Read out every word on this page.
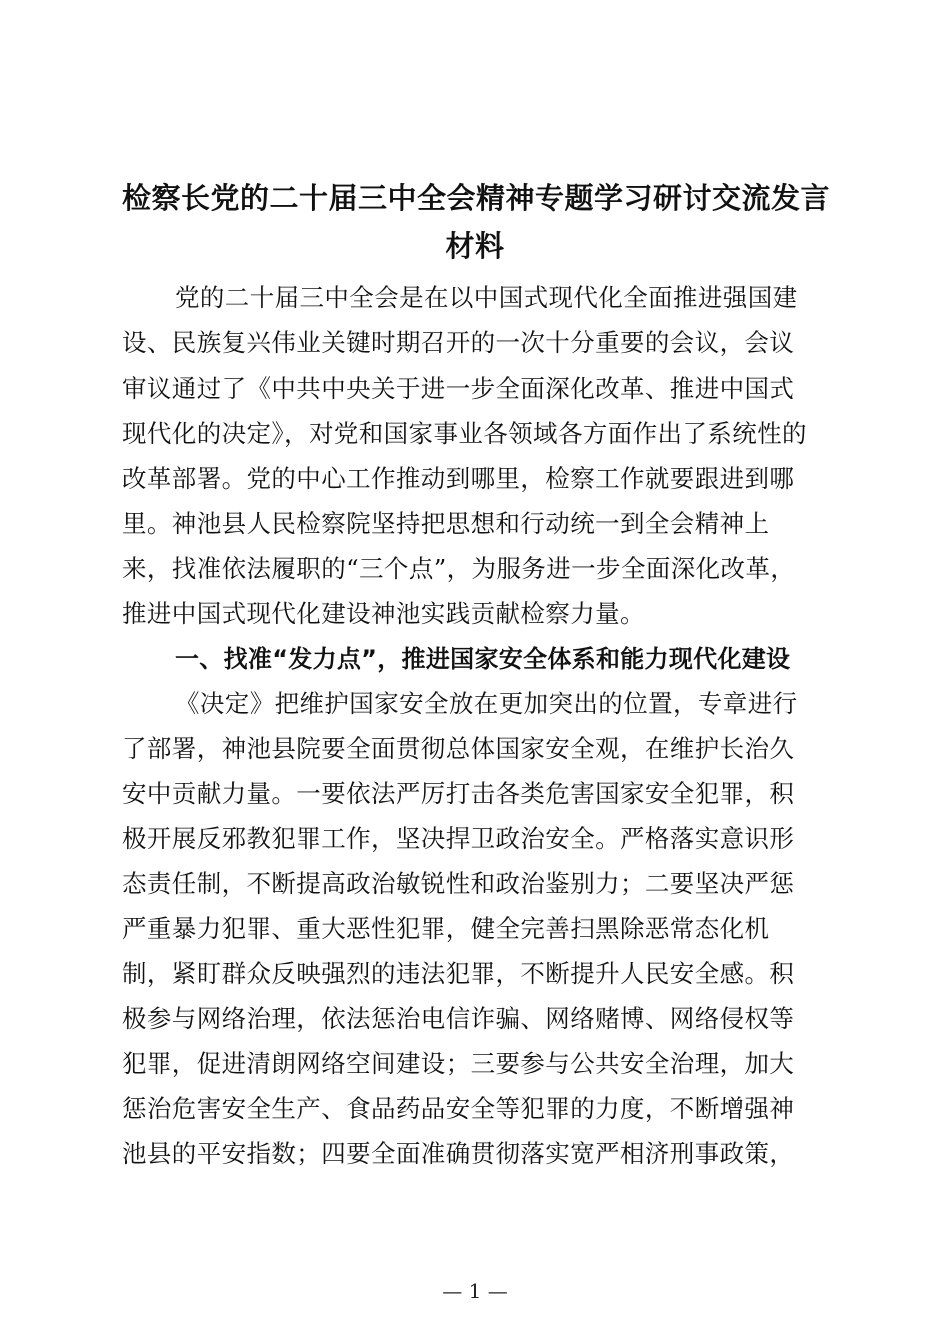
检察长党的二十届三中全会精神专题学习研讨交流发言
材料
党的二十届三中全会是在以中国式现代化全面推进强国建
设、民族复兴伟业关键时期召开的一次十分重要的会议，会议
审议通过了《中共中央关于进一步全面深化改革、推进中国式
现代化的决定》，对党和国家事业各领域各方面作出了系统性的
改革部署。党的中心工作推动到哪里，检察工作就要跟进到哪
里。神池县人民检察院坚持把思想和行动统一到全会精神上
来，找准依法履职的“三个点”，为服务进一步全面深化改革，
推进中国式现代化建设神池实践贡献检察力量。
一、找准“发力点”，推进国家安全体系和能力现代化建设
《决定》把维护国家安全放在更加突出的位置，专章进行
了部署，神池县院要全面贯彻总体国家安全观，在维护长治久
安中贡献力量。一要依法严厉打击各类危害国家安全犯罪，积
极开展反邪教犯罪工作，坚决捍卫政治安全。严格落实意识形
态责任制，不断提高政治敏锐性和政治鉴别力；二要坚决严惩
严重暴力犯罪、重大恶性犯罪，健全完善扫黑除恶常态化机
制，紧盯群众反映强烈的违法犯罪，不断提升人民安全感。积
极参与网络治理，依法惩治电信诈骗、网络赌博、网络侵权等
犯罪，促进清朗网络空间建设；三要参与公共安全治理，加大
惩治危害安全生产、食品药品安全等犯罪的力度，不断增强神
池县的平安指数；四要全面准确贯彻落实宽严相济刑事政策，
— 1 —
